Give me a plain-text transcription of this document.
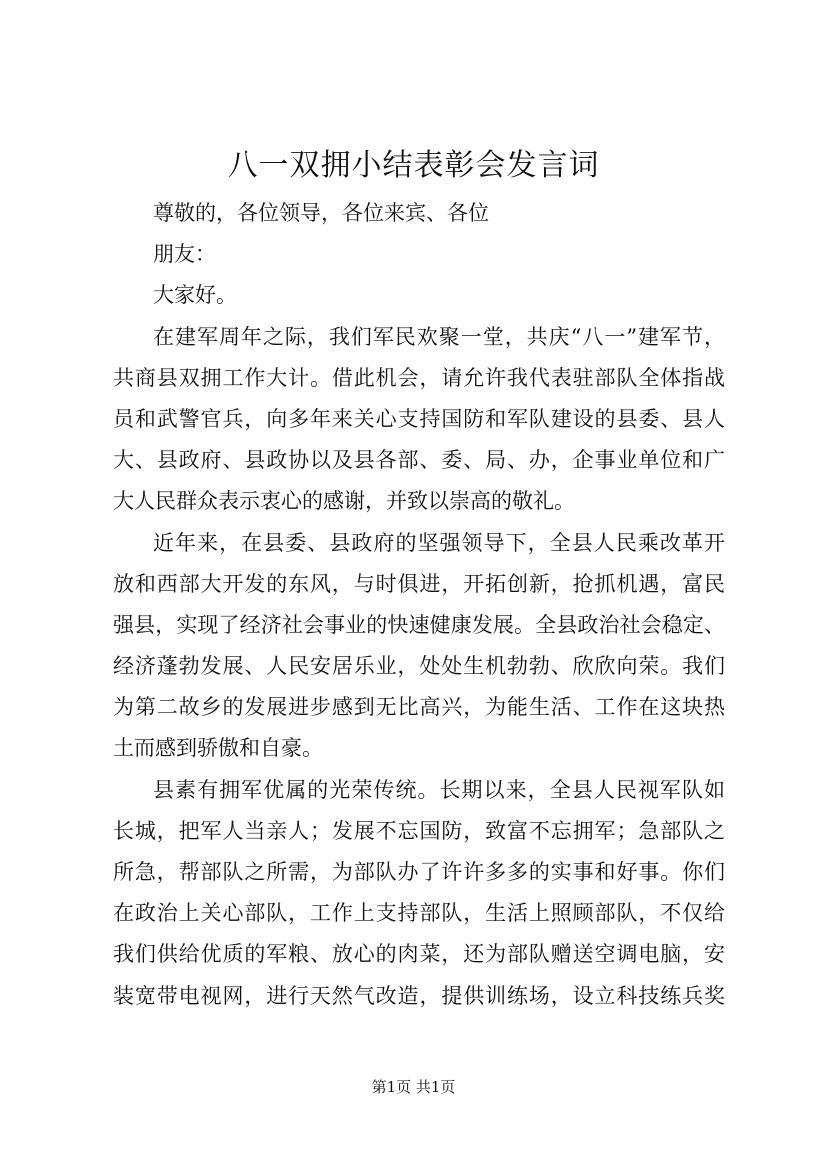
八一双拥小结表彰会发言词
尊敬的，各位领导，各位来宾、各位
朋友：
大家好。
在建军周年之际，我们军民欢聚一堂，共庆“八一”建军节，
共商县双拥工作大计。借此机会，请允许我代表驻部队全体指战
员和武警官兵，向多年来关心支持国防和军队建设的县委、县人
大、县政府、县政协以及县各部、委、局、办，企事业单位和广
大人民群众表示衷心的感谢，并致以崇高的敬礼。
近年来，在县委、县政府的坚强领导下，全县人民乘改革开
放和西部大开发的东风，与时俱进，开拓创新，抢抓机遇，富民
强县，实现了经济社会事业的快速健康发展。全县政治社会稳定、
经济蓬勃发展、人民安居乐业，处处生机勃勃、欣欣向荣。我们
为第二故乡的发展进步感到无比高兴，为能生活、工作在这块热
土而感到骄傲和自豪。
县素有拥军优属的光荣传统。长期以来，全县人民视军队如
长城，把军人当亲人；发展不忘国防，致富不忘拥军；急部队之
所急，帮部队之所需，为部队办了许许多多的实事和好事。你们
在政治上关心部队，工作上支持部队，生活上照顾部队，不仅给
我们供给优质的军粮、放心的肉菜，还为部队赠送空调电脑，安
装宽带电视网，进行天然气改造，提供训练场，设立科技练兵奖
第1页 共1页
